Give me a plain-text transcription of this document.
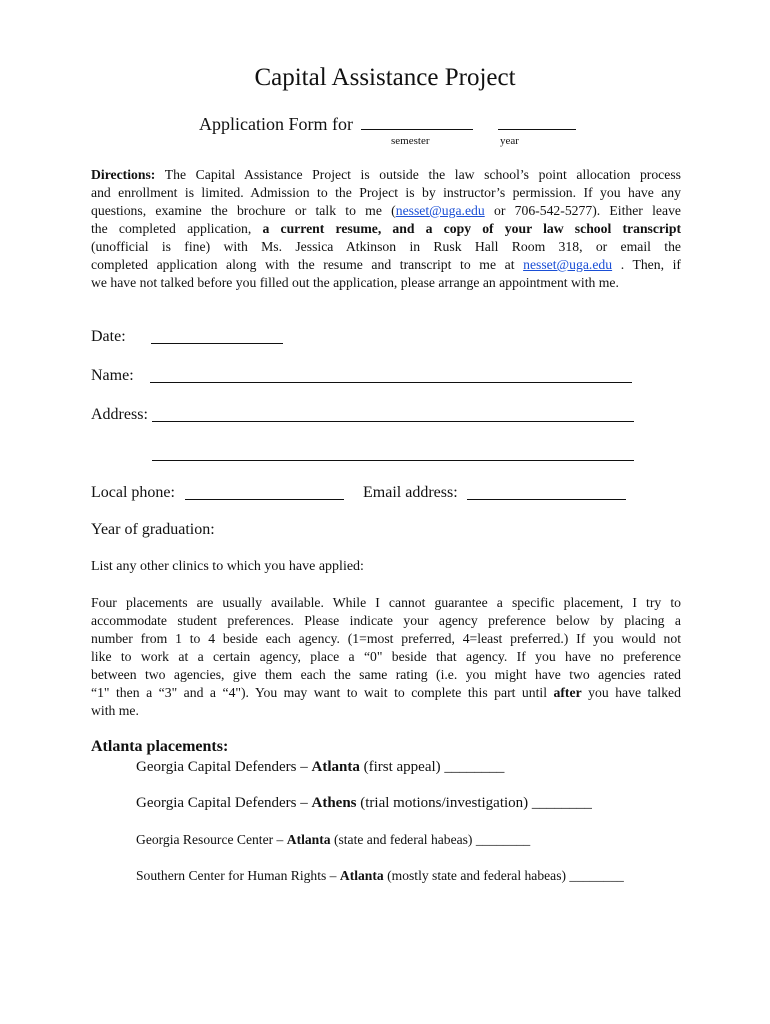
Capital Assistance Project
Application Form for
semester	year
Directions: The Capital Assistance Project is outside the law school’s point allocation process
and enrollment is limited. Admission to the Project is by instructor’s permission. If you have any
questions, examine the brochure or talk to me (nesset@uga.edu or 706-542-5277). Either leave
the completed application, a current resume, and a copy of your law school transcript
(unofficial is fine) with Ms. Jessica Atkinson in Rusk Hall Room 318, or email the
completed application along with the resume and transcript to me at nesset@uga.edu . Then, if
we have not talked before you filled out the application, please arrange an appointment with me.
Date:
Name:
Address:
Local phone:	Email address:
Year of graduation:
List any other clinics to which you have applied:
Four placements are usually available. While I cannot guarantee a specific placement, I try to
accommodate student preferences. Please indicate your agency preference below by placing a
number from 1 to 4 beside each agency. (1=most preferred, 4=least preferred.) If you would not
like to work at a certain agency, place a “0" beside that agency. If you have no preference
between two agencies, give them each the same rating (i.e. you might have two agencies rated
“1" then a “3" and a “4"). You may want to wait to complete this part until after you have talked
with me.
Atlanta placements:
Georgia Capital Defenders – Atlanta (first appeal) ________
Georgia Capital Defenders – Athens (trial motions/investigation) ________
Georgia Resource Center – Atlanta (state and federal habeas) ________
Southern Center for Human Rights – Atlanta (mostly state and federal habeas) ________
